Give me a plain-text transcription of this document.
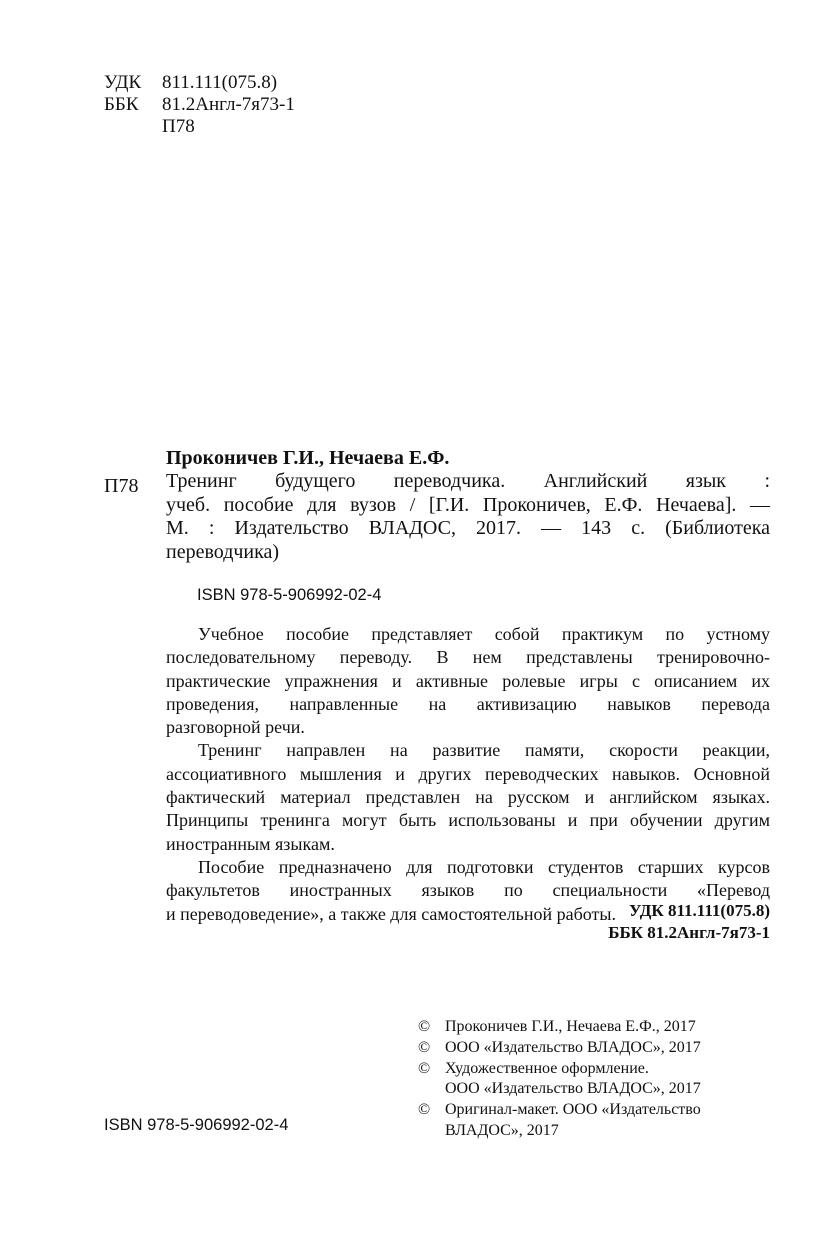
УДК 811.111(075.8)
ББК 81.2Англ-7я73-1
П78
Проконичев Г.И., Нечаева Е.Ф.
П78 Тренинг будущего переводчика. Английский язык :
учеб. пособие для вузов / [Г.И. Проконичев, Е.Ф. Нечаева]. —
М. : Издательство ВЛАДОС, 2017. — 143 с. (Библиотека
переводчика)
ISBN 978-5-906992-02-4
Учебное пособие представляет собой практикум по устному
последовательному переводу. В нем представлены тренировочно-
практические упражнения и активные ролевые игры с описанием их
проведения, направленные на активизацию навыков перевода
разговорной речи.
Тренинг направлен на развитие памяти, скорости реакции,
ассоциативного мышления и других переводческих навыков. Основной
фактический материал представлен на русском и английском языках.
Принципы тренинга могут быть использованы и при обучении другим
иностранным языкам.
Пособие предназначено для подготовки студентов старших курсов
факультетов иностранных языков по специальности «Перевод
и переводоведение», а также для самостоятельной работы. УДК 811.111(075.8)
ББК 81.2Англ-7я73-1
© Проконичев Г.И., Нечаева Е.Ф., 2017
© ООО «Издательство ВЛАДОС», 2017
© Художественное оформление.
ООО «Издательство ВЛАДОС», 2017
© Оригинал-макет. ООО «Издательство
ВЛАДОС», 2017
ISBN 978-5-906992-02-4
